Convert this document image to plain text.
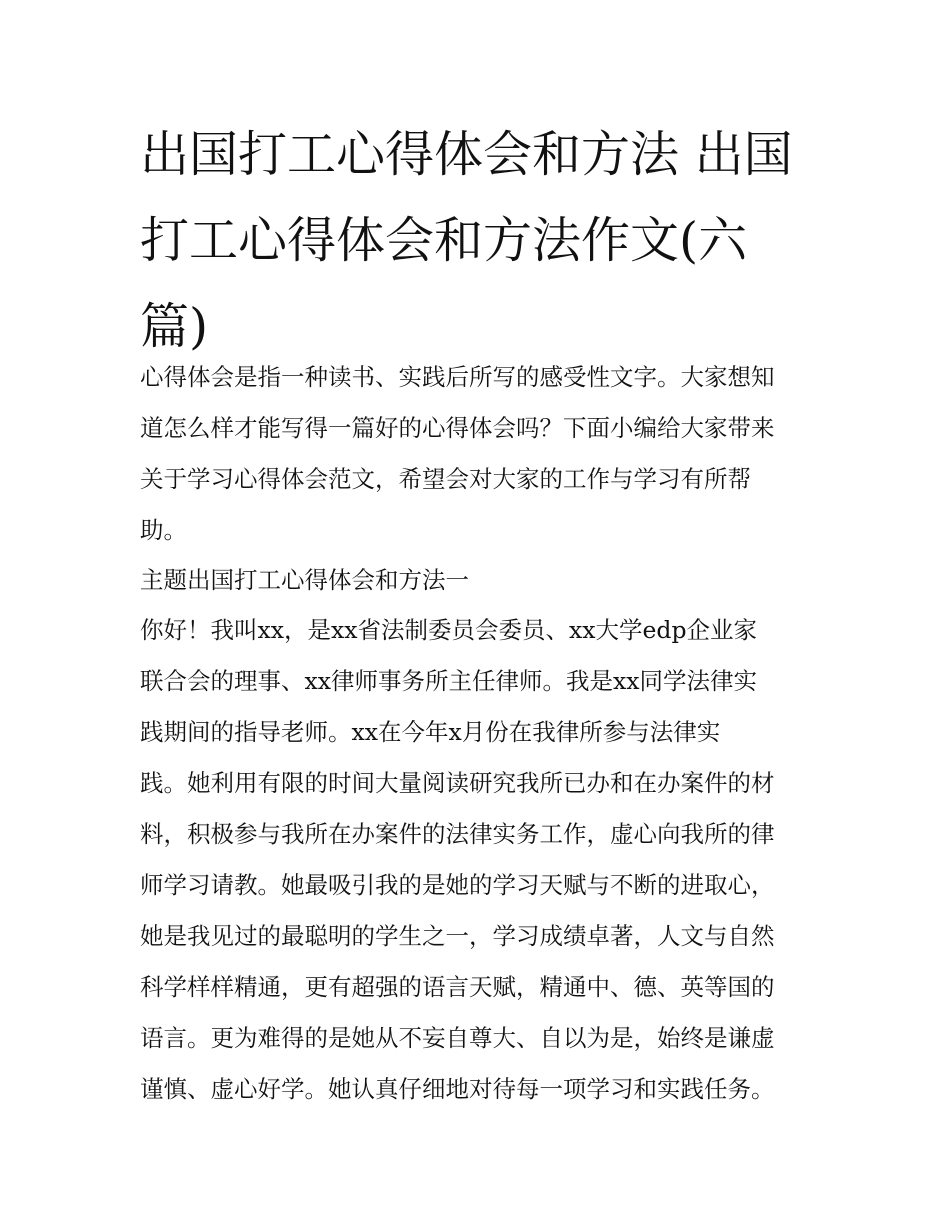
出国打工心得体会和方法 出国
打工心得体会和方法作文(六
篇)
心得体会是指一种读书、实践后所写的感受性文字。大家想知
道怎么样才能写得一篇好的心得体会吗？下面小编给大家带来
关于学习心得体会范文，希望会对大家的工作与学习有所帮
助。
主题出国打工心得体会和方法一
你好！我叫xx，是xx省法制委员会委员、xx大学edp企业家
联合会的理事、xx律师事务所主任律师。我是xx同学法律实
践期间的指导老师。xx在今年x月份在我律所参与法律实
践。她利用有限的时间大量阅读研究我所已办和在办案件的材
料，积极参与我所在办案件的法律实务工作，虚心向我所的律
师学习请教。她最吸引我的是她的学习天赋与不断的进取心，
她是我见过的最聪明的学生之一，学习成绩卓著，人文与自然
科学样样精通，更有超强的语言天赋，精通中、德、英等国的
语言。更为难得的是她从不妄自尊大、自以为是，始终是谦虚
谨慎、虚心好学。她认真仔细地对待每一项学习和实践任务。
